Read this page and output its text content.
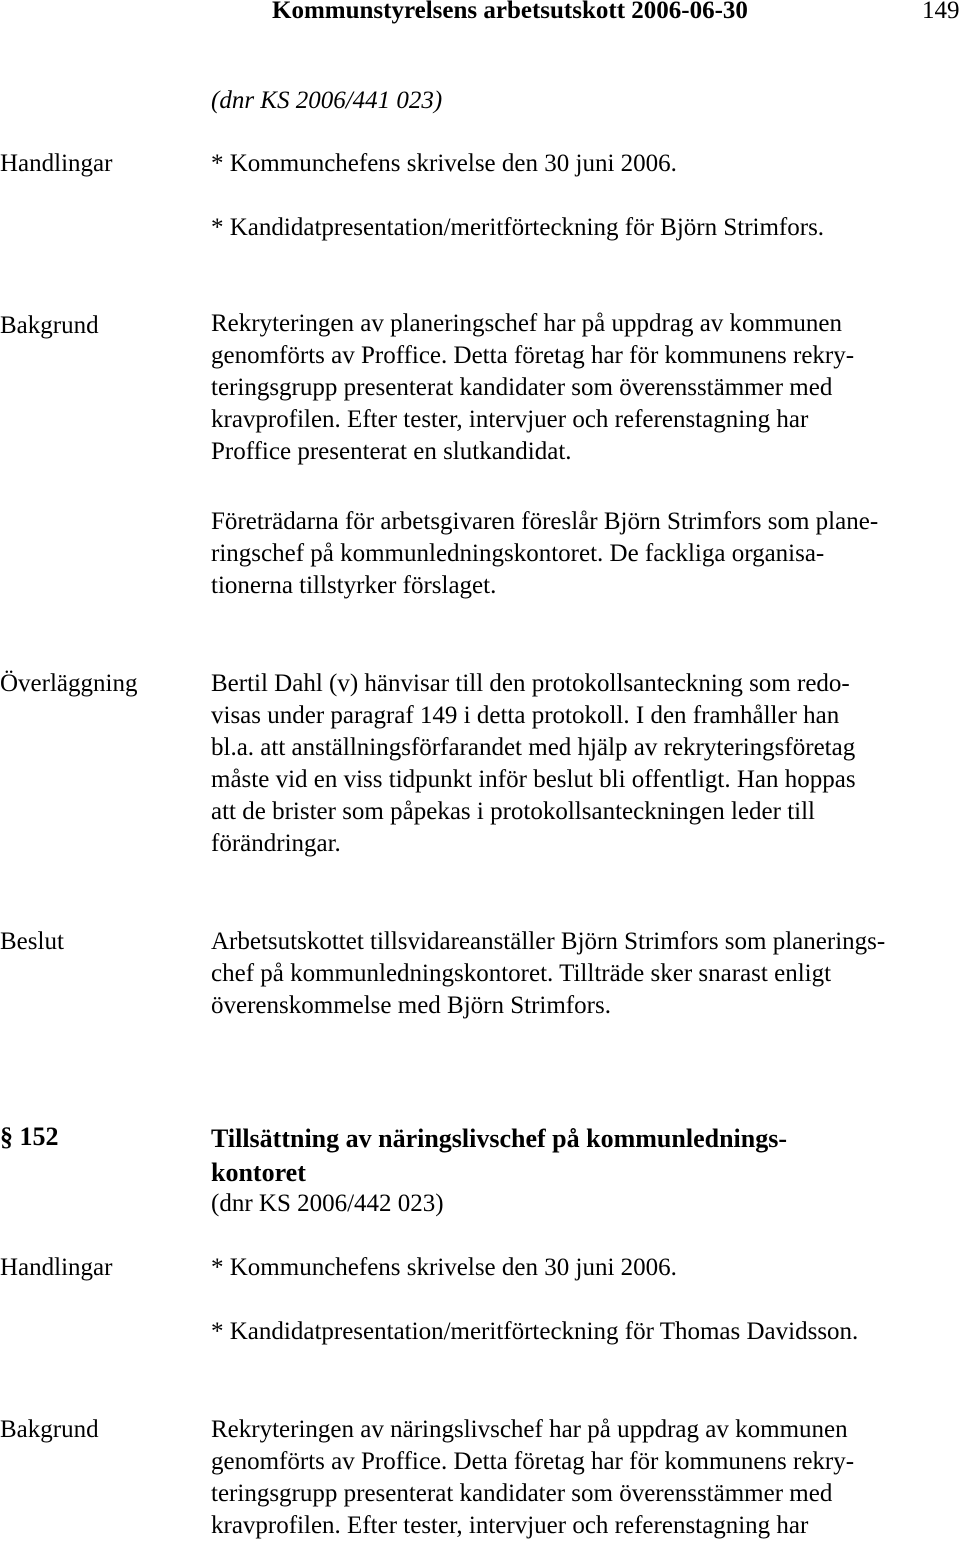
Kommunstyrelsens arbetsutskott 2006-06-30	149
(dnr KS 2006/441 023)
Handlingar	* Kommunchefens skrivelse den 30 juni 2006.
* Kandidatpresentation/meritförteckning för Björn Strimfors.
Bakgrund	Rekryteringen av planeringschef har på uppdrag av kommunen
genomförts av Proffice. Detta företag har för kommunens rekry-
teringsgrupp presenterat kandidater som överensstämmer med
kravprofilen. Efter tester, intervjuer och referenstagning har
Proffice presenterat en slutkandidat.
Företrädarna för arbetsgivaren föreslår Björn Strimfors som plane-
ringschef på kommunledningskontoret. De fackliga organisa-
tionerna tillstyrker förslaget.
Överläggning	Bertil Dahl (v) hänvisar till den protokollsanteckning som redo-
visas under paragraf 149 i detta protokoll. I den framhåller han
bl.a. att anställningsförfarandet med hjälp av rekryteringsföretag
måste vid en viss tidpunkt inför beslut bli offentligt. Han hoppas
att de brister som påpekas i protokollsanteckningen leder till
förändringar.
Beslut	Arbetsutskottet tillsvidareanställer Björn Strimfors som planerings-
chef på kommunledningskontoret. Tillträde sker snarast enligt
överenskommelse med Björn Strimfors.
§ 152	Tillsättning av näringslivschef på kommunlednings-
kontoret
(dnr KS 2006/442 023)
Handlingar	* Kommunchefens skrivelse den 30 juni 2006.
* Kandidatpresentation/meritförteckning för Thomas Davidsson.
Bakgrund	Rekryteringen av näringslivschef har på uppdrag av kommunen
genomförts av Proffice. Detta företag har för kommunens rekry-
teringsgrupp presenterat kandidater som överensstämmer med
kravprofilen. Efter tester, intervjuer och referenstagning har
